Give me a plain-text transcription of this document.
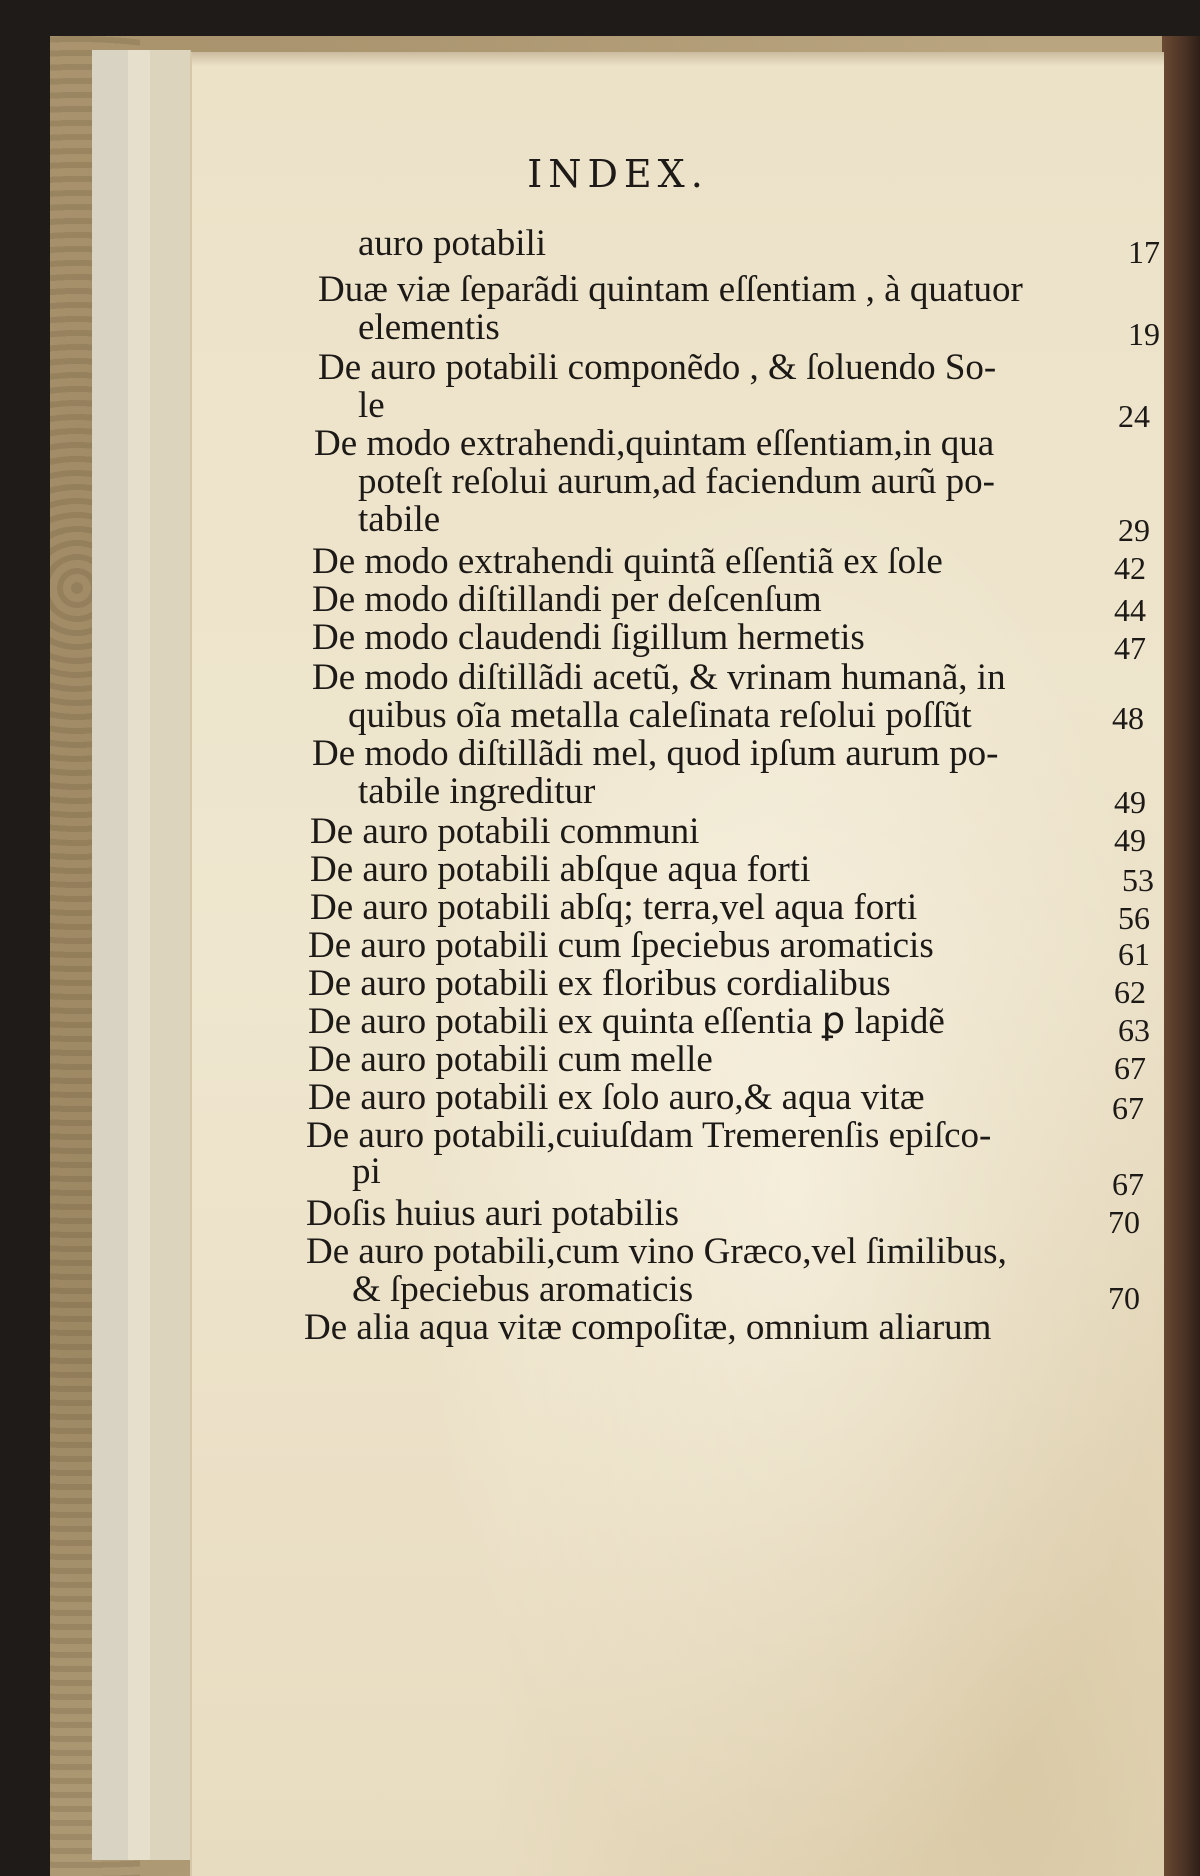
INDEX.
auro potabili	17
Duæ viæ ſeparãdi quintam eſſentiam , à quatuor
elementis	19
De auro potabili componẽdo , & ſoluendo So-
le	24
De modo extrahendi,quintam eſſentiam,in qua
poteſt reſolui aurum,ad faciendum aurũ po-
tabile	29
De modo extrahendi quintã eſſentiã ex ſole	42
De modo diſtillandi per deſcenſum	44
De modo claudendi ſigillum hermetis	47
De modo diſtillãdi acetũ, & vrinam humanã, in
quibus oĩa metalla caleſinata reſolui poſſũt	48
De modo diſtillãdi mel, quod ipſum aurum po-
tabile ingreditur	49
De auro potabili communi	49
De auro potabili abſque aqua forti	53
De auro potabili abſq; terra,vel aqua forti	56
De auro potabili cum ſpeciebus aromaticis	61
De auro potabili ex floribus cordialibus	62
De auro potabili ex quinta eſſentia ꝑ lapidẽ	63
De auro potabili cum melle	67
De auro potabili ex ſolo auro,& aqua vitæ	67
De auro potabili,cuiuſdam Tremerenſis epiſco-
pi	67
Doſis huius auri potabilis	70
De auro potabili,cum vino Græco,vel ſimilibus,
& ſpeciebus aromaticis	70
De alia aqua vitæ compoſitæ, omnium aliarum
